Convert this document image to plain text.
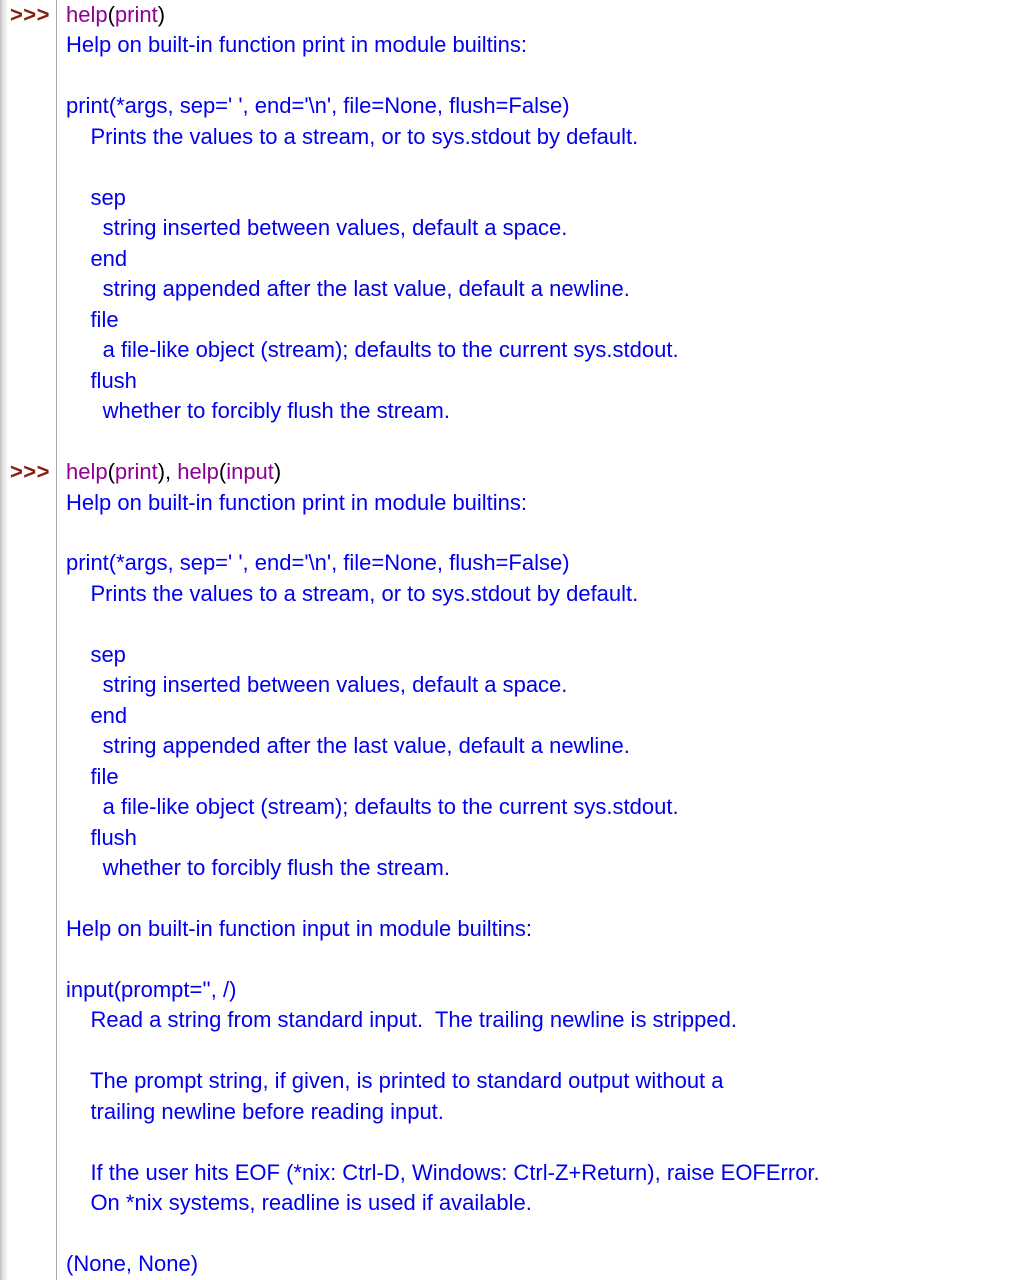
>>> help(print)
Help on built-in function print in module builtins:
print(*args, sep=' ', end='\n', file=None, flush=False)
Prints the values to a stream, or to sys.stdout by default.
sep
string inserted between values, default a space.
end
string appended after the last value, default a newline.
file
a file-like object (stream); defaults to the current sys.stdout.
flush
whether to forcibly flush the stream.
>>> help(print), help(input)
Help on built-in function print in module builtins:
print(*args, sep=' ', end='\n', file=None, flush=False)
Prints the values to a stream, or to sys.stdout by default.
sep
string inserted between values, default a space.
end
string appended after the last value, default a newline.
file
a file-like object (stream); defaults to the current sys.stdout.
flush
whether to forcibly flush the stream.
Help on built-in function input in module builtins:
input(prompt='', /)
Read a string from standard input.  The trailing newline is stripped.
The prompt string, if given, is printed to standard output without a
trailing newline before reading input.
If the user hits EOF (*nix: Ctrl-D, Windows: Ctrl-Z+Return), raise EOFError.
On *nix systems, readline is used if available.
(None, None)
